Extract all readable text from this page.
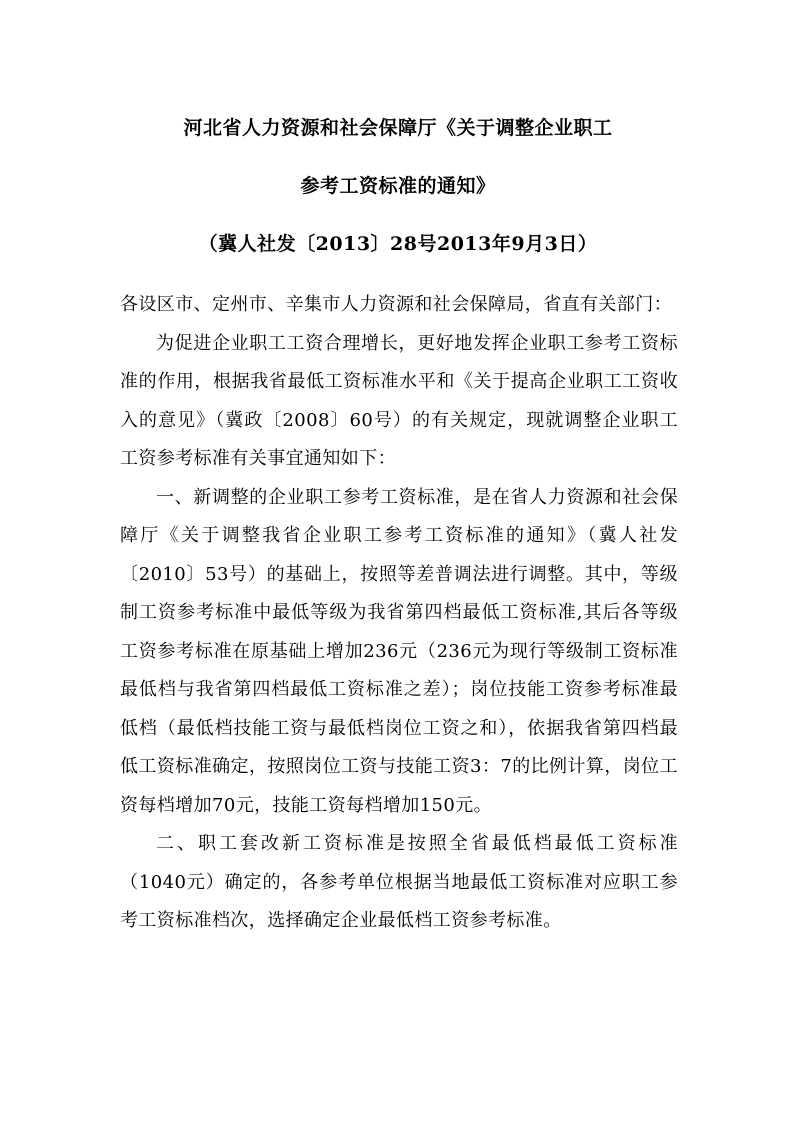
河北省人力资源和社会保障厅《关于调整企业职工
参考工资标准的通知》
（冀人社发〔2013〕28号2013年9月3日）

各设区市、定州市、辛集市人力资源和社会保障局，省直有关部门：

为促进企业职工工资合理增长，更好地发挥企业职工参考工资标准的作用，根据我省最低工资标准水平和《关于提高企业职工工资收入的意见》（冀政〔2008〕60号）的有关规定，现就调整企业职工工资参考标准有关事宜通知如下：

一、新调整的企业职工参考工资标准，是在省人力资源和社会保障厅《关于调整我省企业职工参考工资标准的通知》（冀人社发〔2010〕53号）的基础上，按照等差普调法进行调整。其中，等级制工资参考标准中最低等级为我省第四档最低工资标准,其后各等级工资参考标准在原基础上增加236元（236元为现行等级制工资标准最低档与我省第四档最低工资标准之差）；岗位技能工资参考标准最低档（最低档技能工资与最低档岗位工资之和），依据我省第四档最低工资标准确定，按照岗位工资与技能工资3：7的比例计算，岗位工资每档增加70元，技能工资每档增加150元。

二、职工套改新工资标准是按照全省最低档最低工资标准（1040元）确定的，各参考单位根据当地最低工资标准对应职工参考工资标准档次，选择确定企业最低档工资参考标准。
